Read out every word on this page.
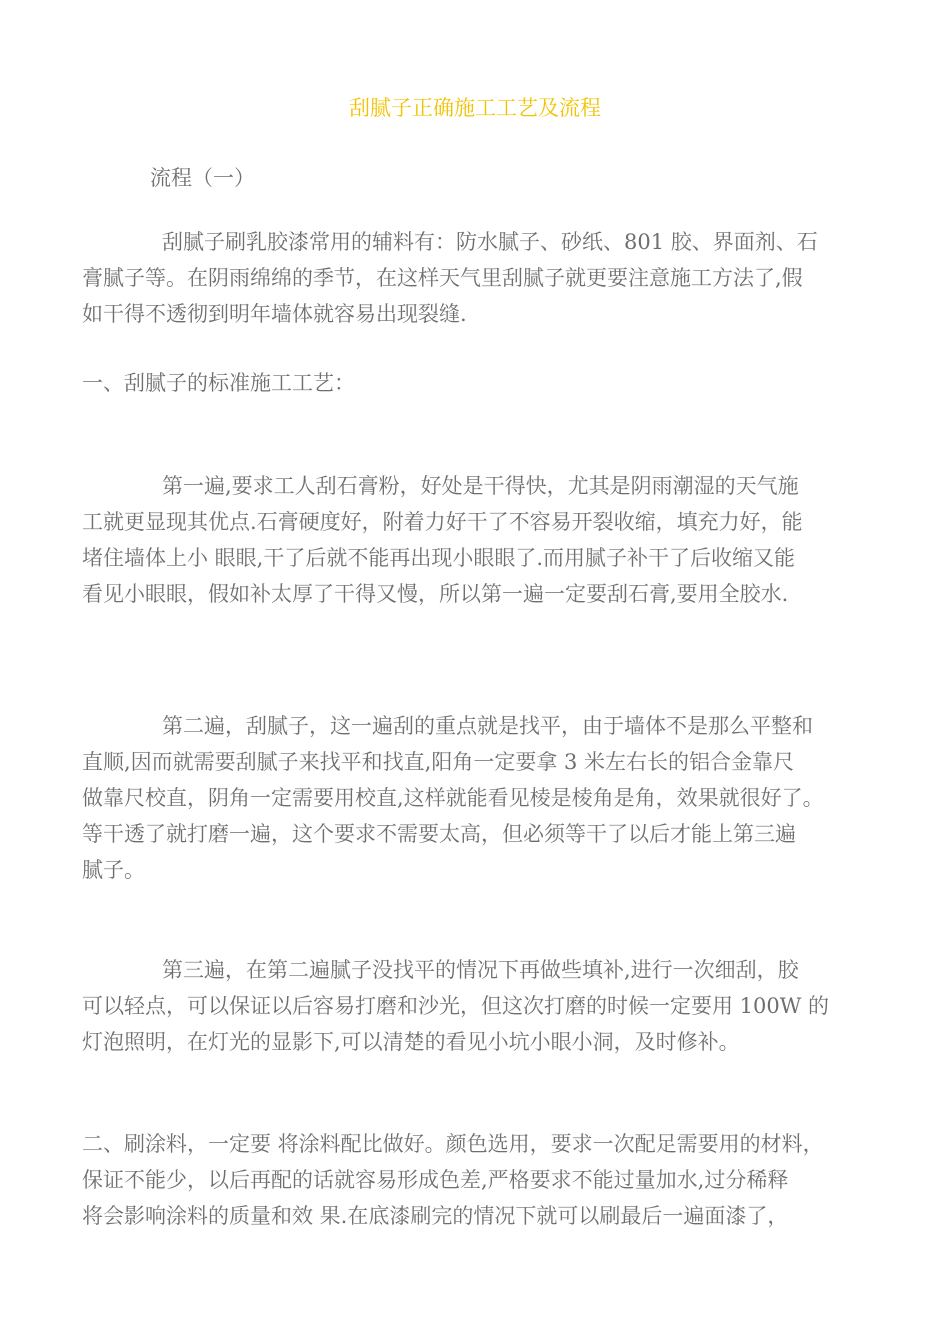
刮腻子正确施工工艺及流程

流程（一）

刮腻子刷乳胶漆常用的辅料有：防水腻子、砂纸、801 胶、界面剂、石
膏腻子等。在阴雨绵绵的季节，在这样天气里刮腻子就更要注意施工方法了,假
如干得不透彻到明年墙体就容易出现裂缝.

一、刮腻子的标准施工工艺：

第一遍,要求工人刮石膏粉，好处是干得快，尤其是阴雨潮湿的天气施
工就更显现其优点.石膏硬度好，附着力好干了不容易开裂收缩，填充力好，能
堵住墙体上小 眼眼,干了后就不能再出现小眼眼了.而用腻子补干了后收缩又能
看见小眼眼，假如补太厚了干得又慢，所以第一遍一定要刮石膏,要用全胶水.
第二遍，刮腻子，这一遍刮的重点就是找平，由于墙体不是那么平整和
直顺,因而就需要刮腻子来找平和找直,阳角一定要拿 3 米左右长的铝合金靠尺
做靠尺校直，阴角一定需要用校直,这样就能看见棱是棱角是角，效果就很好了。
等干透了就打磨一遍，这个要求不需要太高，但必须等干了以后才能上第三遍
腻子。
第三遍，在第二遍腻子没找平的情况下再做些填补,进行一次细刮，胶
可以轻点，可以保证以后容易打磨和沙光，但这次打磨的时候一定要用 100W 的
灯泡照明，在灯光的显影下,可以清楚的看见小坑小眼小洞，及时修补。
二、刷涂料，一定要 将涂料配比做好。颜色选用，要求一次配足需要用的材料，
保证不能少，以后再配的话就容易形成色差,严格要求不能过量加水,过分稀释
将会影响涂料的质量和效 果.在底漆刷完的情况下就可以刷最后一遍面漆了，
